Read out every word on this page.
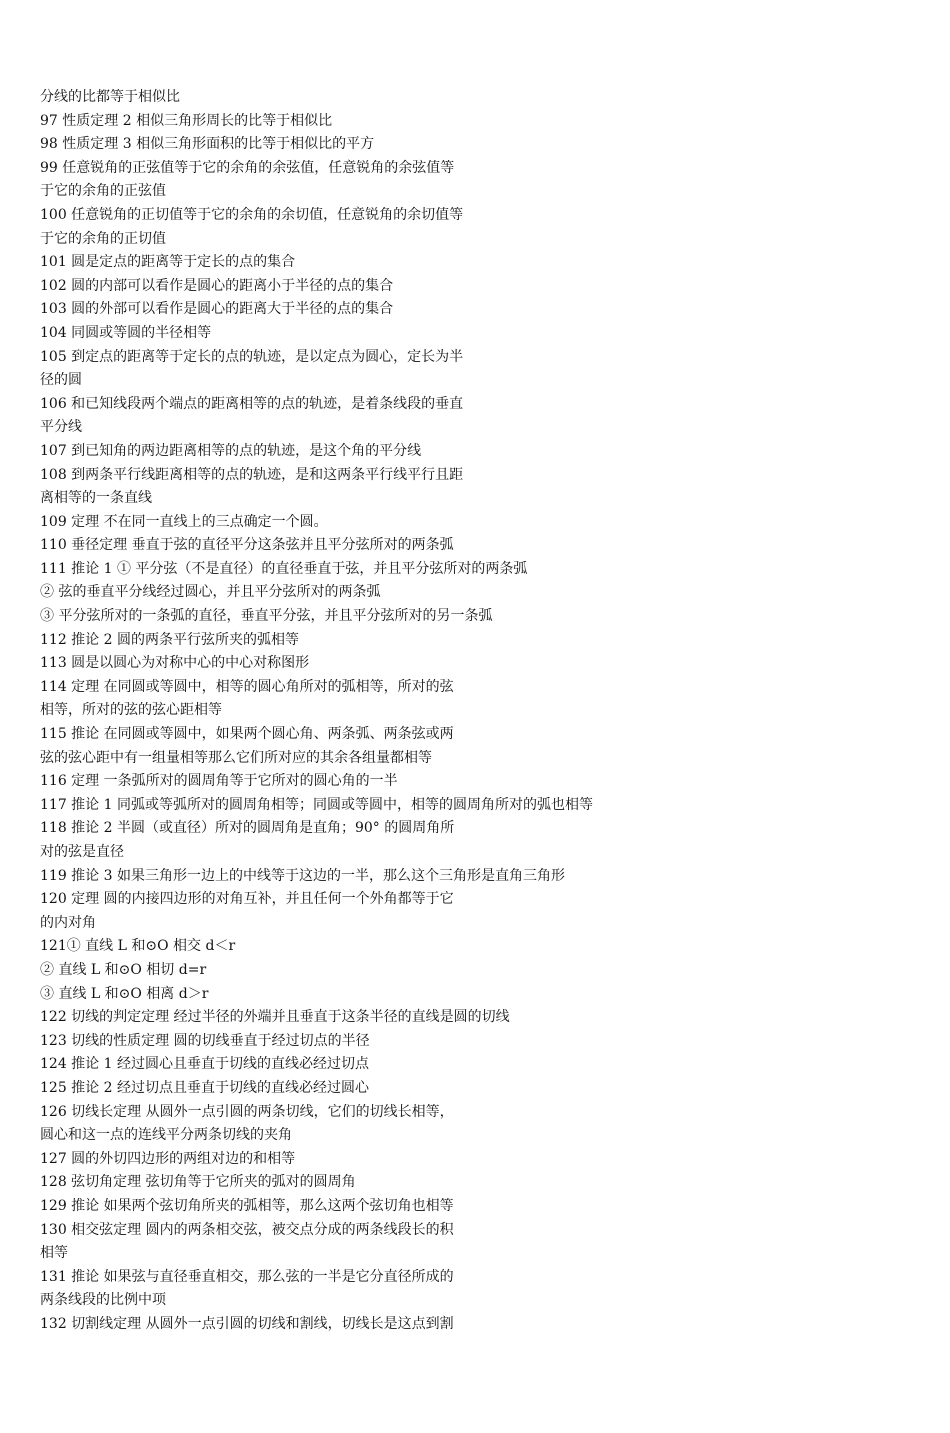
分线的比都等于相似比
97 性质定理 2 相似三角形周长的比等于相似比
98 性质定理 3 相似三角形面积的比等于相似比的平方
99 任意锐角的正弦值等于它的余角的余弦值，任意锐角的余弦值等
于它的余角的正弦值
100 任意锐角的正切值等于它的余角的余切值，任意锐角的余切值等
于它的余角的正切值
101 圆是定点的距离等于定长的点的集合
102 圆的内部可以看作是圆心的距离小于半径的点的集合
103 圆的外部可以看作是圆心的距离大于半径的点的集合
104 同圆或等圆的半径相等
105 到定点的距离等于定长的点的轨迹，是以定点为圆心，定长为半
径的圆
106 和已知线段两个端点的距离相等的点的轨迹，是着条线段的垂直
平分线
107 到已知角的两边距离相等的点的轨迹，是这个角的平分线
108 到两条平行线距离相等的点的轨迹，是和这两条平行线平行且距
离相等的一条直线
109 定理 不在同一直线上的三点确定一个圆。
110 垂径定理 垂直于弦的直径平分这条弦并且平分弦所对的两条弧
111 推论 1 ① 平分弦（不是直径）的直径垂直于弦，并且平分弦所对的两条弧
② 弦的垂直平分线经过圆心，并且平分弦所对的两条弧
③ 平分弦所对的一条弧的直径，垂直平分弦，并且平分弦所对的另一条弧
112 推论 2 圆的两条平行弦所夹的弧相等
113 圆是以圆心为对称中心的中心对称图形
114 定理 在同圆或等圆中，相等的圆心角所对的弧相等，所对的弦
相等，所对的弦的弦心距相等
115 推论 在同圆或等圆中，如果两个圆心角、两条弧、两条弦或两
弦的弦心距中有一组量相等那么它们所对应的其余各组量都相等
116 定理 一条弧所对的圆周角等于它所对的圆心角的一半
117 推论 1 同弧或等弧所对的圆周角相等；同圆或等圆中，相等的圆周角所对的弧也相等
118 推论 2 半圆（或直径）所对的圆周角是直角；90° 的圆周角所
对的弦是直径
119 推论 3 如果三角形一边上的中线等于这边的一半，那么这个三角形是直角三角形
120 定理 圆的内接四边形的对角互补，并且任何一个外角都等于它
的内对角
121① 直线 L 和⊙O 相交 d＜r
② 直线 L 和⊙O 相切 d=r
③ 直线 L 和⊙O 相离 d＞r
122 切线的判定定理 经过半径的外端并且垂直于这条半径的直线是圆的切线
123 切线的性质定理 圆的切线垂直于经过切点的半径
124 推论 1 经过圆心且垂直于切线的直线必经过切点
125 推论 2 经过切点且垂直于切线的直线必经过圆心
126 切线长定理 从圆外一点引圆的两条切线，它们的切线长相等，
圆心和这一点的连线平分两条切线的夹角
127 圆的外切四边形的两组对边的和相等
128 弦切角定理 弦切角等于它所夹的弧对的圆周角
129 推论 如果两个弦切角所夹的弧相等，那么这两个弦切角也相等
130 相交弦定理 圆内的两条相交弦，被交点分成的两条线段长的积
相等
131 推论 如果弦与直径垂直相交，那么弦的一半是它分直径所成的
两条线段的比例中项
132 切割线定理 从圆外一点引圆的切线和割线，切线长是这点到割
